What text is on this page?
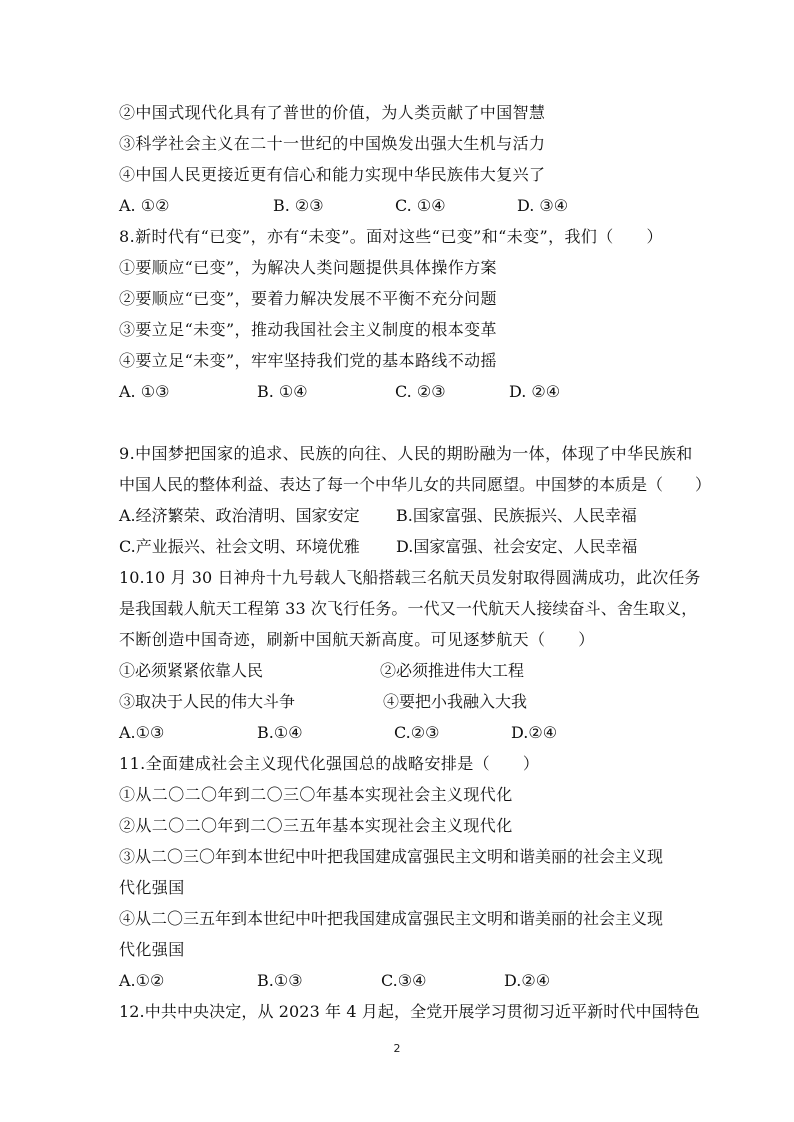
②中国式现代化具有了普世的价值，为人类贡献了中国智慧
③科学社会主义在二十一世纪的中国焕发出强大生机与活力
④中国人民更接近更有信心和能力实现中华民族伟大复兴了
A. ①②	B. ②③	C. ①④	D. ③④
8.新时代有“已变”，亦有“未变”。面对这些“已变”和“未变”，我们（　　）
①要顺应“已变”，为解决人类问题提供具体操作方案
②要顺应“已变”，要着力解决发展不平衡不充分问题
③要立足“未变”，推动我国社会主义制度的根本变革
④要立足“未变”，牢牢坚持我们党的基本路线不动摇
A. ①③	B. ①④	C. ②③	D. ②④
9.中国梦把国家的追求、民族的向往、人民的期盼融为一体，体现了中华民族和
中国人民的整体利益、表达了每一个中华儿女的共同愿望。中国梦的本质是（　　）
A.经济繁荣、政治清明、国家安定 B.国家富强、民族振兴、人民幸福
C.产业振兴、社会文明、环境优雅 D.国家富强、社会安定、人民幸福
10.10 月 30 日神舟十九号载人飞船搭载三名航天员发射取得圆满成功，此次任务
是我国载人航天工程第 33 次飞行任务。一代又一代航天人接续奋斗、舍生取义，
不断创造中国奇迹，刷新中国航天新高度。可见逐梦航天（　　）
①必须紧紧依靠人民	②必须推进伟大工程
③取决于人民的伟大斗争	④要把小我融入大我
A.①③	B.①④	C.②③	D.②④
11.全面建成社会主义现代化强国总的战略安排是（　　）
①从二〇二〇年到二〇三〇年基本实现社会主义现代化
②从二〇二〇年到二〇三五年基本实现社会主义现代化
③从二〇三〇年到本世纪中叶把我国建成富强民主文明和谐美丽的社会主义现
代化强国
④从二〇三五年到本世纪中叶把我国建成富强民主文明和谐美丽的社会主义现
代化强国
A.①②	B.①③	C.③④	D.②④
12.中共中央决定，从 2023 年 4 月起，全党开展学习贯彻习近平新时代中国特色
2
